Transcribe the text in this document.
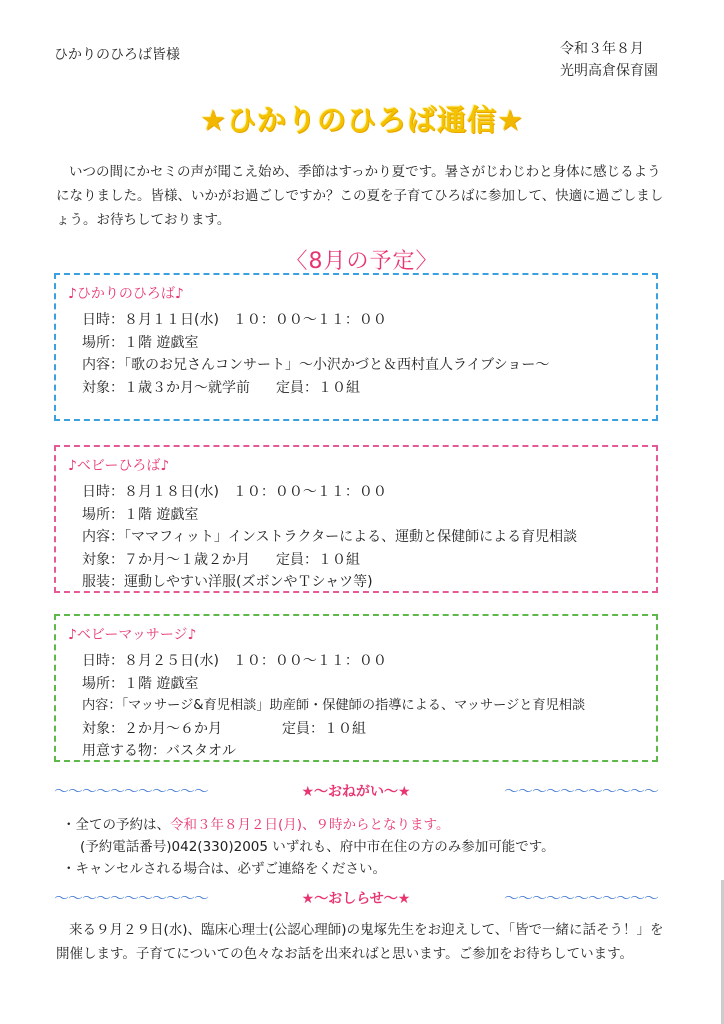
ひかりのひろば皆様	令和３年８月
光明高倉保育園
★ひかりのひろば通信★
いつの間にかセミの声が聞こえ始め、季節はすっかり夏です。暑さがじわじわと身体に感じるようになりました。皆様、いかがお過ごしですか？この夏を子育てひろばに参加して、快適に過ごしましょう。お待ちしております。
〈8月の予定〉
♪ひかりのひろば♪
日時：８月１１日(水)　１０：００〜１１：００
場所：１階 遊戯室
内容：「歌のお兄さんコンサート」〜小沢かづと＆西村直人ライブショー〜
対象：１歳３か月〜就学前 定員：１０組
♪ベビーひろば♪
日時：８月１８日(水)　１０：００〜１１：００
場所：１階 遊戯室
内容：「ママフィット」インストラクターによる、運動と保健師による育児相談
対象：７か月〜１歳２か月 定員：１０組
服装：運動しやすい洋服(ズボンやＴシャツ等)
♪ベビーマッサージ♪
日時：８月２５日(水)　１０：００〜１１：００
場所：１階 遊戯室
内容：「マッサージ&育児相談」助産師・保健師の指導による、マッサージと育児相談
対象：２か月〜６か月	定員：１０組
用意する物：バスタオル
〜〜〜〜〜〜〜〜〜〜〜	★〜おねがい〜★	〜〜〜〜〜〜〜〜〜〜〜
・全ての予約は、令和３年８月２日(月)、９時からとなります。
(予約電話番号)042(330)2005 いずれも、府中市在住の方のみ参加可能です。
・キャンセルされる場合は、必ずご連絡をください。
〜〜〜〜〜〜〜〜〜〜〜	★〜おしらせ〜★	〜〜〜〜〜〜〜〜〜〜〜
来る９月２９日(水)、臨床心理士(公認心理師)の鬼塚先生をお迎えして、「皆で一緒に話そう！」を開催します。子育てについての色々なお話を出来ればと思います。ご参加をお待ちしています。
